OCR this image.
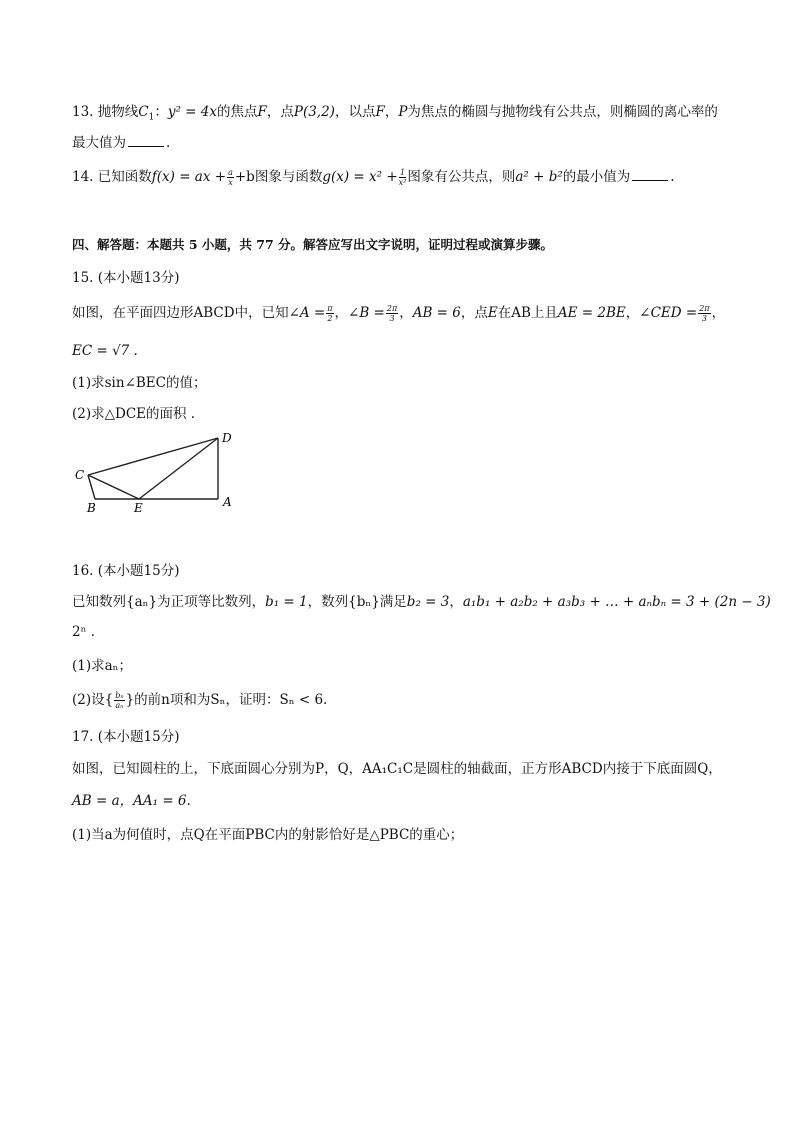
13. 抛物线$C_1$：y² = 4x的焦点F，点P(3,2)，以点F，P为焦点的椭圆与抛物线有公共点，则椭圆的离心率的
最大值为	.
14. 已知函数f(x) = ax + $\frac{a}{x} +b$图象与函数$g(x) = x^2 + \frac{1}{\text{x²}}$ 图象有公共点，则a² + b²的最小值为	.
四、解答题：本题共 5 小题，共 77 分。解答应写出文字说明，证明过程或演算步骤。
15. (本小题13分)
如图，在平面四边形ABCD中，已知∠A = $\frac{\pi}{2}$ ，∠B = $\frac{2\pi}{3}$ ，AB = 6，点E在AB上且AE = 2BE，∠CED = $\frac{2\pi}{3}$ ，
EC = √7 .
(1)求sin∠BEC的值；
(2)求△DCE的面积 .
C
D
B	E	A
16. (本小题15分)
已知数列{aₙ}为正项等比数列，b₁ = 1，数列{bₙ}满足b₂ = 3，a₁b₁ + a₂b₂ + a₃b₃ + … + aₙbₙ = 3 + (2n − 3)
2ⁿ .
(1)求aₙ；
(2)设{ $\frac{\text{bₙ}}{\text{aₙ}}$ }的前n项和为Sₙ，证明：Sₙ < 6.
17. (本小题15分)
如图，已知圆柱的上，下底面圆心分别为P，Q，AA₁C₁C是圆柱的轴截面，正方形ABCD内接于下底面圆Q，
AB = a，AA₁ = 6.
(1)当a为何值时，点Q在平面PBC内的射影恰好是△PBC的重心；
